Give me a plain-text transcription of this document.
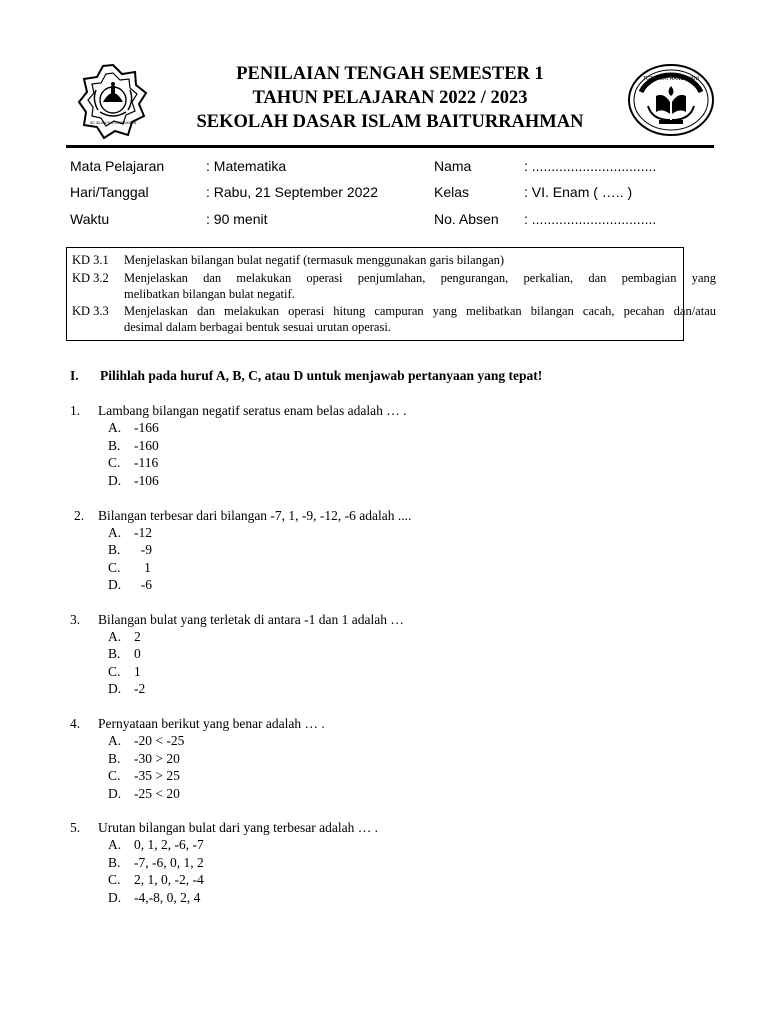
SD ISLAM BAITURRAHMAN
PENILAIAN TENGAH SEMESTER 1
TAHUN PELAJARAN 2022 / 2023
SEKOLAH DASAR ISLAM BAITURRAHMAN
TUT WURI HANDAYANI
Mata Pelajaran	: Matematika	Nama	: ................................
Hari/Tanggal	: Rabu, 21 September 2022	Kelas	: VI. Enam ( ….. )
Waktu	: 90 menit	No. Absen : ................................
KD 3.1	Menjelaskan bilangan bulat negatif (termasuk menggunakan garis bilangan)
KD 3.2	Menjelaskan dan melakukan operasi penjumlahan, pengurangan, perkalian, dan pembagian yang
melibatkan bilangan bulat negatif.
KD 3.3	Menjelaskan dan melakukan operasi hitung campuran yang melibatkan bilangan cacah, pecahan dan/atau
desimal dalam berbagai bentuk sesuai urutan operasi.
I. Pilihlah pada huruf A, B, C, atau D untuk menjawab pertanyaan yang tepat!
1. Lambang bilangan negatif seratus enam belas adalah … .
A. -166
B. -160
C. -116
D. -106
2. Bilangan terbesar dari bilangan -7, 1, -9, -12, -6 adalah ....
A. -12
B.  -9
C.   1
D.  -6
3. Bilangan bulat yang terletak di antara -1 dan 1 adalah …
A. 2
B. 0
C. 1
D. -2
4. Pernyataan berikut yang benar adalah … .
A. -20 < -25
B. -30 > 20
C. -35 > 25
D. -25 < 20
5. Urutan bilangan bulat dari yang terbesar adalah … .
A. 0, 1, 2, -6, -7
B. -7, -6, 0, 1, 2
C. 2, 1, 0, -2, -4
D. -4,-8, 0, 2, 4
